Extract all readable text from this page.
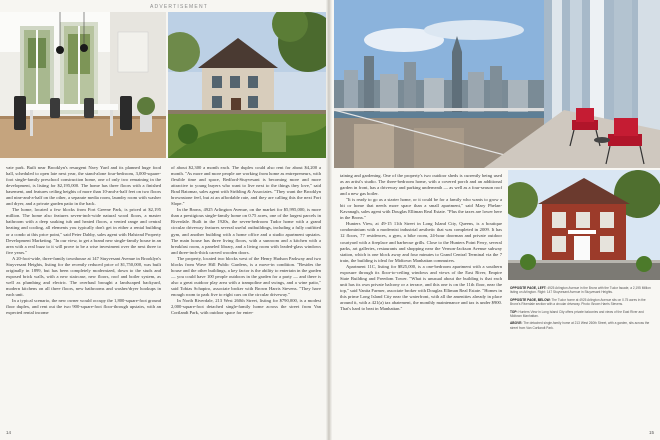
ADVERTISEMENT

vate park. Built near Brooklyn's resurgent Navy Yard and its planned huge food hall, scheduled to open late next year, the stand-alone four-bedroom, 3,000-square-foot single-family preschool construction home, one of only two remaining in the development, is listing for $2,195,000. The home has three floors with a finished basement, and features ceiling heights of more than 10-and-a-half feet on two floors and nine-and-a-half on the other, a separate media room, laundry room with washer and dryer, and a private garden patio in the back.

The home, located a few blocks from Fort Greene Park, is priced at $2,195 million. The home also features seven-inch-wide natural wood floors, a master bathroom with a deep soaking tub and heated floors, a vented range and central heating and cooling, all elements you typically don't get in either a rental building or a condo at this price point," said Peter Dahby, sales agent with Halstead Property Development Marketing. "In our view, to get a brand new single-family house in an area with a real buzz to it will prove to be a wise investment over the next three to five years."

A 20-foot-wide, three-family townhouse at 147 Stuyvesant Avenue in Brooklyn's Stuyvesant Heights, listing for the recently reduced price of $1,750,000, was built originally in 1899, but has been completely modernized, down to the studs and exposed brick walls, with a new staircase, new floors, roof and boiler system, as well as plumbing and electric. The overhaul brought a landscaped backyard, modern kitchens on all three floors, new bathrooms and washer/dryer hookups in each unit.

In a typical scenario, the new owner would occupy the 1,800-square-foot ground floor duplex, and rent out the two 900-square-foot floor-through upstairs, with an expected rental income

of about $2,300 a month each. The duplex could also rent for about $4,200 a month. "As more and more people are working from home as entrepreneurs, with flexible time and space, Bedford-Stuyvesant is becoming more and more attractive to young buyers who want to live next to the things they love," said Brad Batomar, sales agent with Stribling & Associates. "They want the Brooklyn brownstone feel, but at an affordable rate, and they are calling this the next Fort Slope."

In the Bronx, 4925 Arlington Avenue, on the market for $5,995,000, is more than a prestigious single-family home on 0.75 acres, one of the largest parcels in Riverdale. Built in the 1920s, the seven-bedroom Tudor home with a grand circular driveway features several useful outbuildings, including a fully outfitted gym, and another building with a home office and a studio apartment upstairs. The main house has three living floors, with a sunroom and a kitchen with a breakfast room, a paneled library, and a living room with leaded-glass windows and three-inch-thick carved wooden doors.

The property, located two blocks west of the Henry Hudson Parkway and two blocks from Wave Hill Public Gardens, is a move-in condition. "Besides the house and the other buildings, a key factor is the ability to entertain in the garden — you could have 100 people outdoors in the garden for a party — and there is also a great outdoor play area with a trampoline and swings, and a wine patio," said Tobias Schapiro, associate broker with Brown Harris Stevens. "They have enough room to park five to eight cars on the circular driveway."

In North Riverdale, 213 West 260th Street, listing for $790,000, is a modest 2,000-square-foot detached single-family home across the street from Van Cortlandt Park, with outdoor space for enter-

14

taining and gardening. One of the property's two outdoor sheds is currently being used as an artist's studio. The three-bedroom home, with a covered porch and an additional garden in front, has a driveway and parking underneath — as well as a four-season roof and a new gas boiler.

"It is ready to go as a starter home, or it could be for a family who wants to grow a bit or home that needs more space than a small apartment," said Mary Phelan-Kavanagh, sales agent with Douglas Elliman Real Estate. "Plus the taxes are lower here in the Bronx."

Hunters View, at 49-15 11th Street in Long Island City, Queens, is a boutique condominium with a modernist industrial aesthetic that was completed in 2009. It has 12 floors, 77 residences, a gym, a bike room, 24-hour doorman and private outdoor courtyard with a fireplace and barbecue grills. Close to the Hunters Point Ferry, several parks, art galleries, restaurants and shopping near the Vernon-Jackson Avenue subway station, which is one block away and four minutes to Grand Central Terminal via the 7 train, the building is ideal for Midtown Manhattan commuters.

Apartment 11C, listing for $825,000, is a one-bedroom apartment with a southern exposure through its floor-to-ceiling windows and views of the East River, Empire State Building and Freedom Tower. "What is unusual about the building is that each unit has its own private balcony or a terrace, and this one is on the 11th floor, near the top," said Vanita Farmer, associate broker with Douglas Elliman Real Estate. "Homes in this prime Long Island City near the waterfront, with all the amenities already in place around it, with a 421(a) tax abatement, the monthly maintenance and tax is under $900. That's hard to beat in Manhattan."

OPPOSITE PAGE, LEFT: 4925 Arlington Avenue in the Bronx with the Tudor facade, a 2,195 Million listing on Arlington. Right: 147 Stuyvesant Avenue in Stuyvesant Heights.

OPPOSITE PAGE, BELOW: The Tudor home at 4925 Arlington Avenue sits on 0.75 acres in the Bronx's Riverdale section with a circular driveway. Photo: Brown Harris Stevens.

TOP: Hunters View in Long Island City offers private balconies and views of the East River and Midtown Manhattan.

ABOVE: The detached single-family home at 213 West 260th Street, with a garden, sits across the street from Van Cortlandt Park.

15
